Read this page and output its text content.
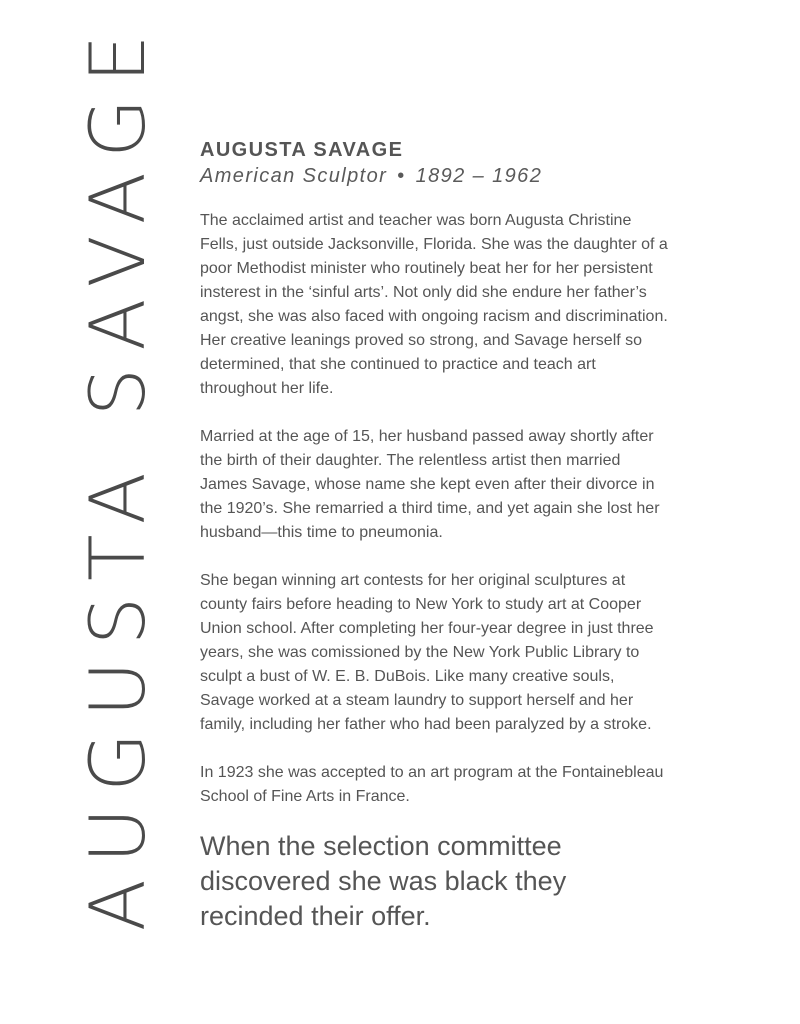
AUGUSTA SAVAGE AUGUSTA SAVAGE

American Sculptor • 1892 – 1962

The acclaimed artist and teacher was born Augusta Christine Fells, just outside Jacksonville, Florida. She was the daughter of a poor Methodist minister who routinely beat her for her persistent insterest in the ‘sinful arts’. Not only did she endure her father’s angst, she was also faced with ongoing racism and discrimination. Her creative leanings proved so strong, and Savage herself so determined, that she continued to practice and teach art throughout her life.

Married at the age of 15, her husband passed away shortly after the birth of their daughter. The relentless artist then married James Savage, whose name she kept even after their divorce in the 1920’s. She remarried a third time, and yet again she lost her husband—this time to pneumonia.

She began winning art contests for her original sculptures at county fairs before heading to New York to study art at Cooper Union school. After completing her four-year degree in just three years, she was comissioned by the New York Public Library to sculpt a bust of W. E. B. DuBois. Like many creative souls, Savage worked at a steam laundry to support herself and her family, including her father who had been paralyzed by a stroke.

In 1923 she was accepted to an art program at the Fontainebleau School of Fine Arts in France.

When the selection committee discovered she was black they recinded their offer.
